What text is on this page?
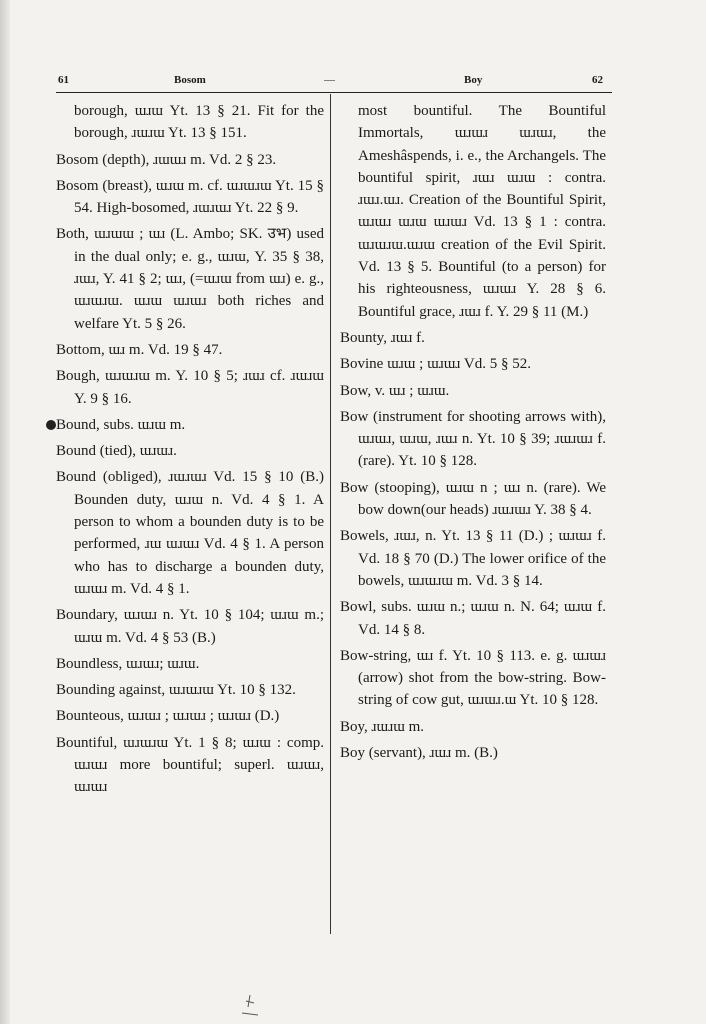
61	Bosom	—	Boy	62

borough, ɯɹɯ Yt. 13 § 21. Fit for the borough, ɹɯɹɯ Yt. 13 § 151.

Bosom (depth), ɹɯɯɹ m. Vd. 2 § 23.

Bosom (breast), ɯɹɯ m. cf. ɯɹɯɹɯ Yt. 15 § 54. High-bosomed, ɹɯɹɯɹ Yt. 22 § 9.

Both, ɯɹɯɯ ; ɯɹ (L. Ambo; SK. उभ) used in the dual only; e. g., ɯɹɯ, Y. 35 § 38, ɹɯɹ, Y. 41 § 2; ɯɹ, (=ɯɹɯ from ɯɹ) e. g., ɯɹɯɹɯ. ɯɹɯ ɯɹɯɹ both riches and welfare Yt. 5 § 26.

Bottom, ɯɹ m. Vd. 19 § 47.

Bough, ɯɹɯɹɯ m. Y. 10 § 5; ɹɯɹ cf. ɹɯɹɯ Y. 9 § 16.

Bound, subs. ɯɹɯ m.

Bound (tied), ɯɹɯɹ.

Bound (obliged), ɹɯɹɯɹ Vd. 15 § 10 (B.) Bounden duty, ɯɹɯ n. Vd. 4 § 1. A person to whom a bounden duty is to be performed, ɹɯ ɯɹɯɹ Vd. 4 § 1. A person who has to discharge a bounden duty, ɯɹɯɹ m. Vd. 4 § 1.

Boundary, ɯɹɯɹ n. Yt. 10 § 104; ɯɹɯ m.; ɯɹɯ m. Vd. 4 § 53 (B.)

Boundless, ɯɹɯɹ; ɯɹɯ.

Bounding against, ɯɹɯɹɯ Yt. 10 § 132.

Bounteous, ɯɹɯɹ ; ɯɹɯɹ ; ɯɹɯɹ (D.)

Bountiful, ɯɹɯɹɯ Yt. 1 § 8; ɯɹɯ : comp. ɯɹɯɹ more bountiful; superl. ɯɹɯɹ, ɯɹɯɹ

most bountiful. The Bountiful Immortals, ɯɹɯɹ ɯɹɯɹ, the Ameshâspends, i. e., the Archangels. The bountiful spirit, ɹɯɹ ɯɹɯ : contra. ɹɯɹ.ɯɹ. Creation of the Bountiful Spirit, ɯɹɯɹ ɯɹɯ ɯɹɯɹ Vd. 13 § 1 : contra. ɯɹɯɹɯ.ɯɹɯ creation of the Evil Spirit. Vd. 13 § 5. Bountiful (to a person) for his righteousness, ɯɹɯɹ Y. 28 § 6. Bountiful grace, ɹɯɹ f. Y. 29 § 11 (M.)

Bounty, ɹɯɹ f.

Bovine ɯɹɯ ; ɯɹɯɹ Vd. 5 § 52.

Bow, v. ɯɹ ; ɯɹɯ.

Bow (instrument for shooting arrows with), ɯɹɯɹ, ɯɹɯ, ɹɯɹ n. Yt. 10 § 39; ɹɯɹɯɹ f. (rare). Yt. 10 § 128.

Bow (stooping), ɯɹɯ n ; ɯɹ n. (rare). We bow down(our heads) ɹɯɹɯɹ Y. 38 § 4.

Bowels, ɹɯɹ, n. Yt. 13 § 11 (D.) ; ɯɹɯɹ f. Vd. 18 § 70 (D.) The lower orifice of the bowels, ɯɹɯɹɯ m. Vd. 3 § 14.

Bowl, subs. ɯɹɯ n.; ɯɹɯ n. N. 64; ɯɹɯ f. Vd. 14 § 8.

Bow-string, ɯɹ f. Yt. 10 § 113. e. g. ɯɹɯɹ (arrow) shot from the bow-string. Bow-string of cow gut, ɯɹɯɹ.ɯ Yt. 10 § 128.

Boy, ɹɯɹɯ m.

Boy (servant), ɹɯɹ m. (B.)
